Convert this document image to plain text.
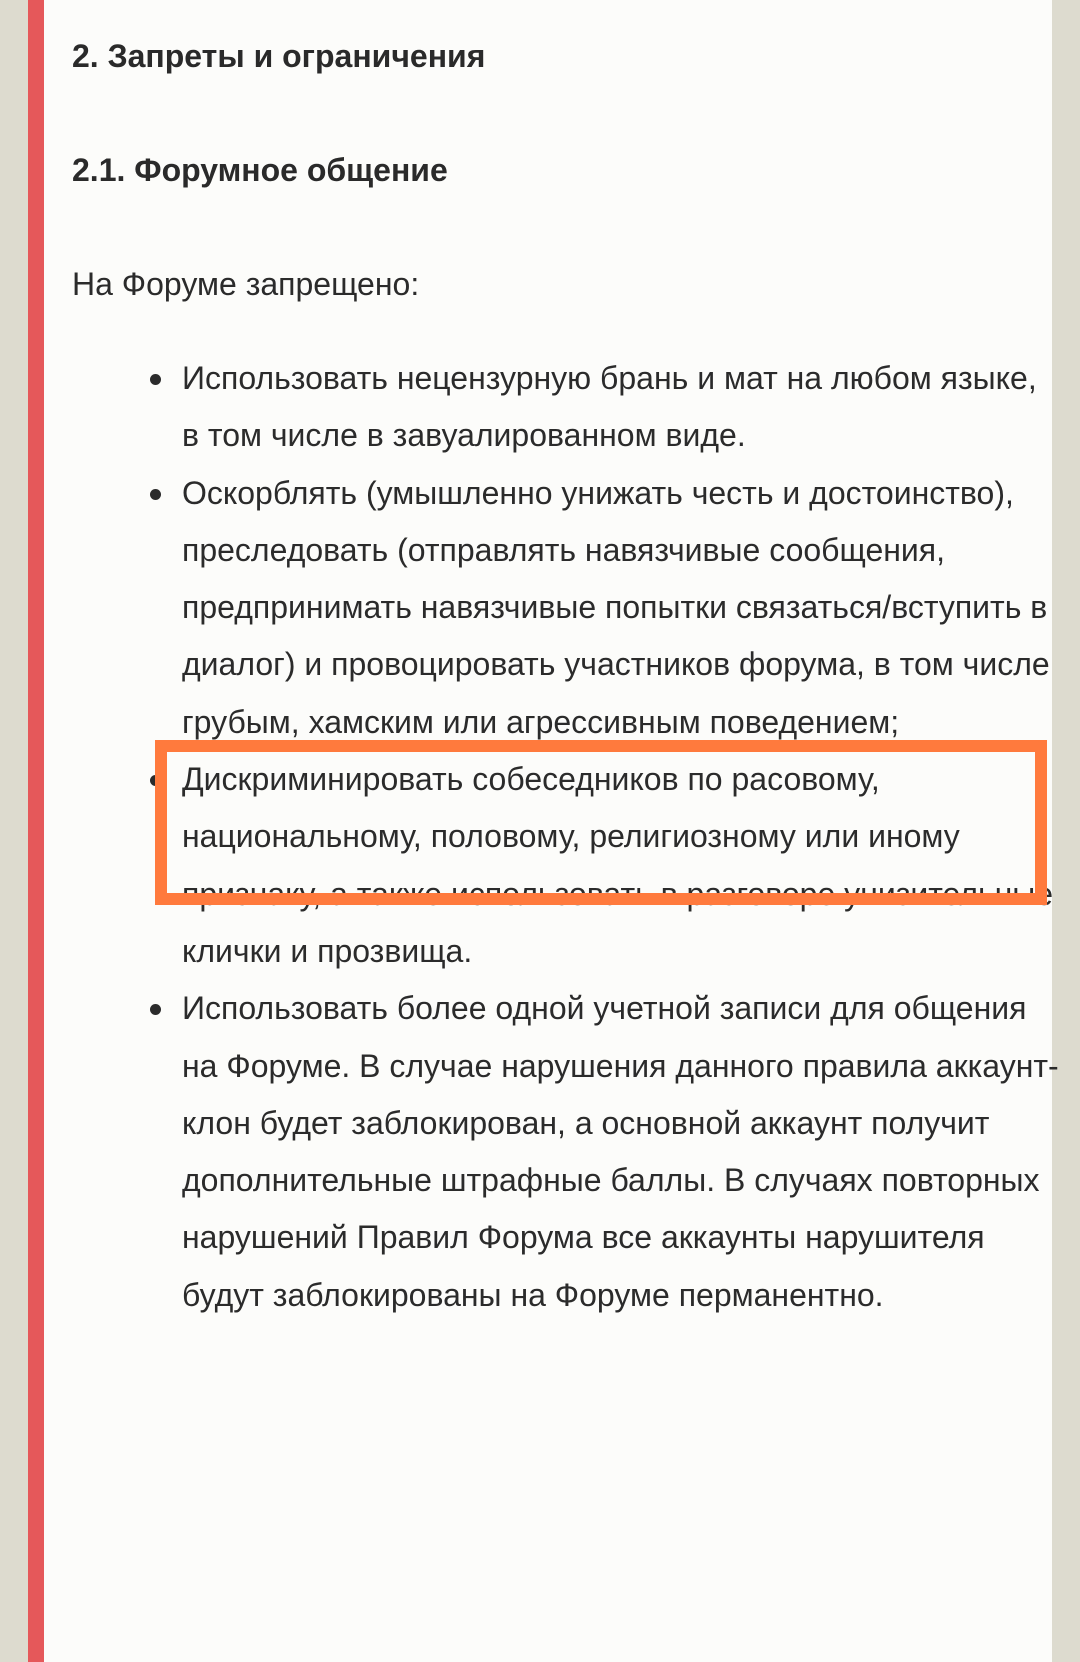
2. Запреты и ограничения
2.1. Форумное общение

На Форуме запрещено:

Использовать нецензурную брань и мат на любом языке, в том числе в завуалированном виде.
Оскорблять (умышленно унижать честь и достоинство), преследовать (отправлять навязчивые сообщения, предпринимать навязчивые попытки связаться/вступить в диалог) и провоцировать участников форума, в том числе грубым, хамским или агрессивным поведением;
Дискриминировать собеседников по расовому, национальному, половому, религиозному или иному признаку, а также использовать в разговоре унизительные клички и прозвища.
Использовать более одной учетной записи для общения на Форуме. В случае нарушения данного правила аккаунт-клон будет заблокирован, а основной аккаунт получит дополнительные штрафные баллы. В случаях повторных нарушений Правил Форума все аккаунты нарушителя будут заблокированы на Форуме перманентно.
